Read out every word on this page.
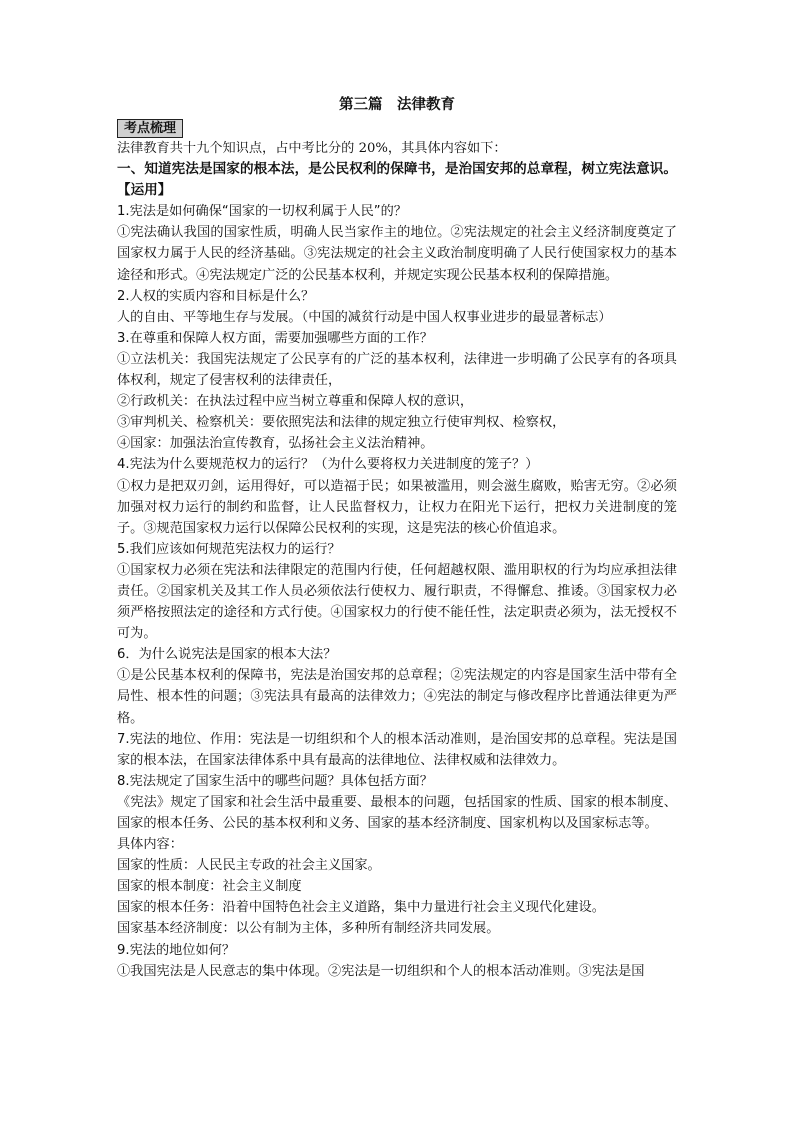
第三篇　法律教育
考点梳理

法律教育共十九个知识点，占中考比分的 20%，其具体内容如下：

一、知道宪法是国家的根本法，是公民权利的保障书，是治国安邦的总章程，树立宪法意识。【运用】

1.宪法是如何确保“国家的一切权利属于人民”的？

①宪法确认我国的国家性质，明确人民当家作主的地位。②宪法规定的社会主义经济制度奠定了国家权力属于人民的经济基础。③宪法规定的社会主义政治制度明确了人民行使国家权力的基本途径和形式。④宪法规定广泛的公民基本权利，并规定实现公民基本权利的保障措施。

2.人权的实质内容和目标是什么？

人的自由、平等地生存与发展。（中国的减贫行动是中国人权事业进步的最显著标志）

3.在尊重和保障人权方面，需要加强哪些方面的工作？

①立法机关：我国宪法规定了公民享有的广泛的基本权利，法律进一步明确了公民享有的各项具体权利，规定了侵害权利的法律责任，

②行政机关：在执法过程中应当树立尊重和保障人权的意识，

③审判机关、检察机关：要依照宪法和法律的规定独立行使审判权、检察权，

④国家：加强法治宣传教育，弘扬社会主义法治精神。

4.宪法为什么要规范权力的运行？（为什么要将权力关进制度的笼子？）

①权力是把双刃剑，运用得好，可以造福于民；如果被滥用，则会滋生腐败，贻害无穷。②必须加强对权力运行的制约和监督，让人民监督权力，让权力在阳光下运行，把权力关进制度的笼子。③规范国家权力运行以保障公民权利的实现，这是宪法的核心价值追求。

5.我们应该如何规范宪法权力的运行？

①国家权力必须在宪法和法律限定的范围内行使，任何超越权限、滥用职权的行为均应承担法律责任。②国家机关及其工作人员必须依法行使权力、履行职责，不得懈怠、推诿。③国家权力必须严格按照法定的途径和方式行使。④国家权力的行使不能任性，法定职责必须为，法无授权不可为。

6．为什么说宪法是国家的根本大法？

①是公民基本权利的保障书，宪法是治国安邦的总章程；②宪法规定的内容是国家生活中带有全局性、根本性的问题；③宪法具有最高的法律效力；④宪法的制定与修改程序比普通法律更为严格。

7.宪法的地位、作用：宪法是一切组织和个人的根本活动准则，是治国安邦的总章程。宪法是国家的根本法，在国家法律体系中具有最高的法律地位、法律权威和法律效力。

8.宪法规定了国家生活中的哪些问题？具体包括方面？

《宪法》规定了国家和社会生活中最重要、最根本的问题，包括国家的性质、国家的根本制度、国家的根本任务、公民的基本权利和义务、国家的基本经济制度、国家机构以及国家标志等。

具体内容：

国家的性质：人民民主专政的社会主义国家。

国家的根本制度：社会主义制度

国家的根本任务：沿着中国特色社会主义道路，集中力量进行社会主义现代化建设。

国家基本经济制度：以公有制为主体，多种所有制经济共同发展。

9.宪法的地位如何？

①我国宪法是人民意志的集中体现。②宪法是一切组织和个人的根本活动准则。③宪法是国
